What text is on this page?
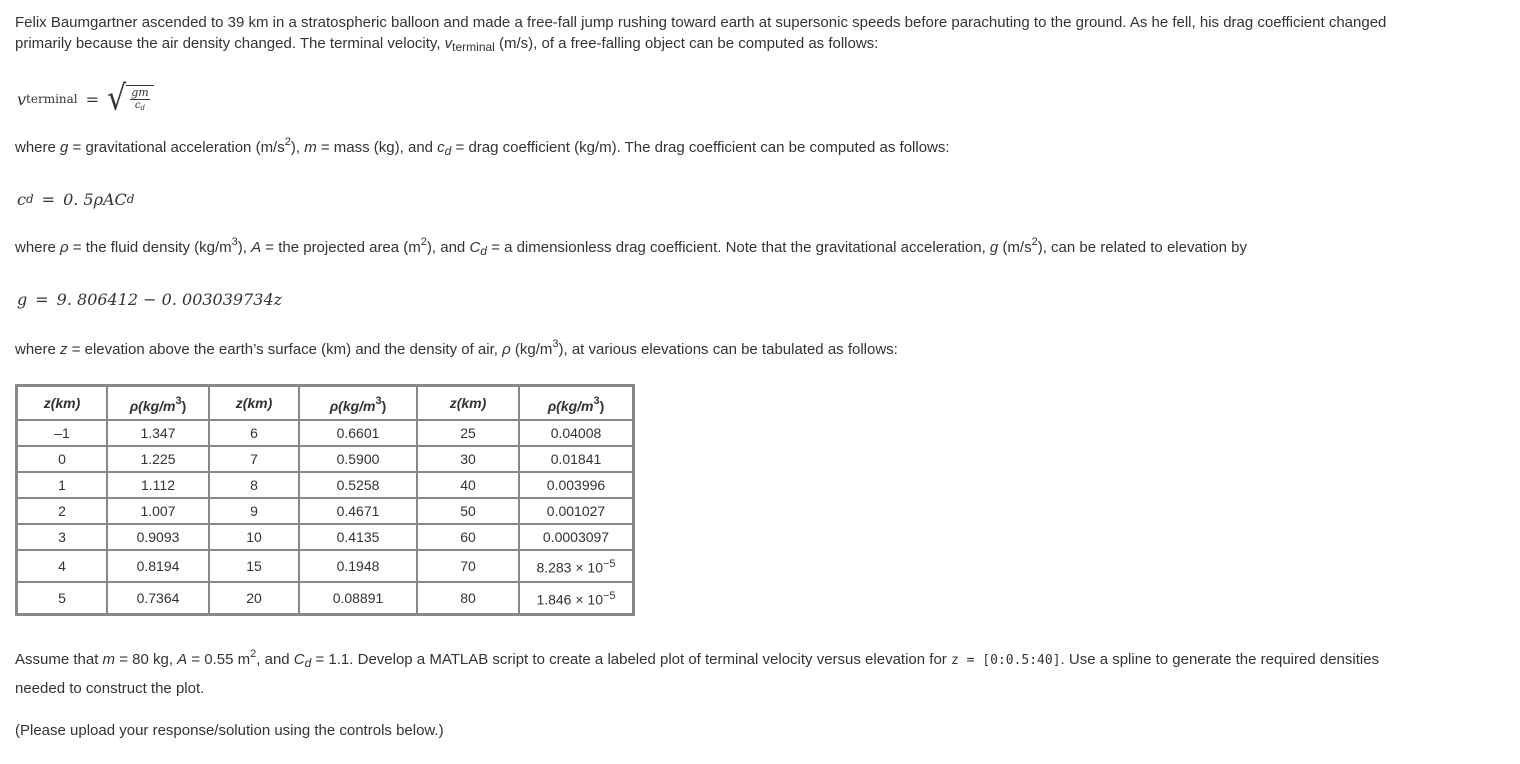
Felix Baumgartner ascended to 39 km in a stratospheric balloon and made a free-fall jump rushing toward earth at supersonic speeds before parachuting to the ground. As he fell, his drag coefficient changed
primarily because the air density changed. The terminal velocity, $v_{terminal}$ (m/s), of a free-falling object can be computed as follows:

v terminal = √ $\frac{gm}{c_d}$

where g = gravitational acceleration $(m/s^2)$, m = mass (kg), and $c_d$ = drag coefficient (kg/m). The drag coefficient can be computed as follows:

c d = 0. 5ρAC d

where ρ = the fluid density $(kg/m^3)$, A = the projected area $(m^2)$, and $C_d = a$ dimensionless drag coefficient. Note that the gravitational acceleration, g $(m/s^2)$, can be related to elevation by

g = 9. 806412 − 0. 003039734z

where z = elevation above the earth’s surface (km) and the density of air, ρ $(kg/m^3)$, at various elevations can be tabulated as follows:

z(km)	$\rho(kg/m^3)$	z(km)	$\rho(kg/m^3)$	z(km)	$\rho(kg/m^3)$
–1	1.347	6	0.6601	25	0.04008
0	1.225	7	0.5900	30	0.01841
1	1.112	8	0.5258	40	0.003996
2	1.007	9	0.4671	50	0.001027
3	0.9093	10	0.4135	60	0.0003097
4	0.8194	15	0.1948	70	$8.283 \times 10^{-5}$
5	0.7364	20	0.08891	80	$1.846 \times 10^{-5}$

Assume that m = 80 kg, A = 0.55 $m^2$, and $C_d = 1.1$. Develop a MATLAB script to create a labeled plot of terminal velocity versus elevation for z = [0:0.5:40]. Use a spline to generate the required densities
needed to construct the plot.

(Please upload your response/solution using the controls below.)
